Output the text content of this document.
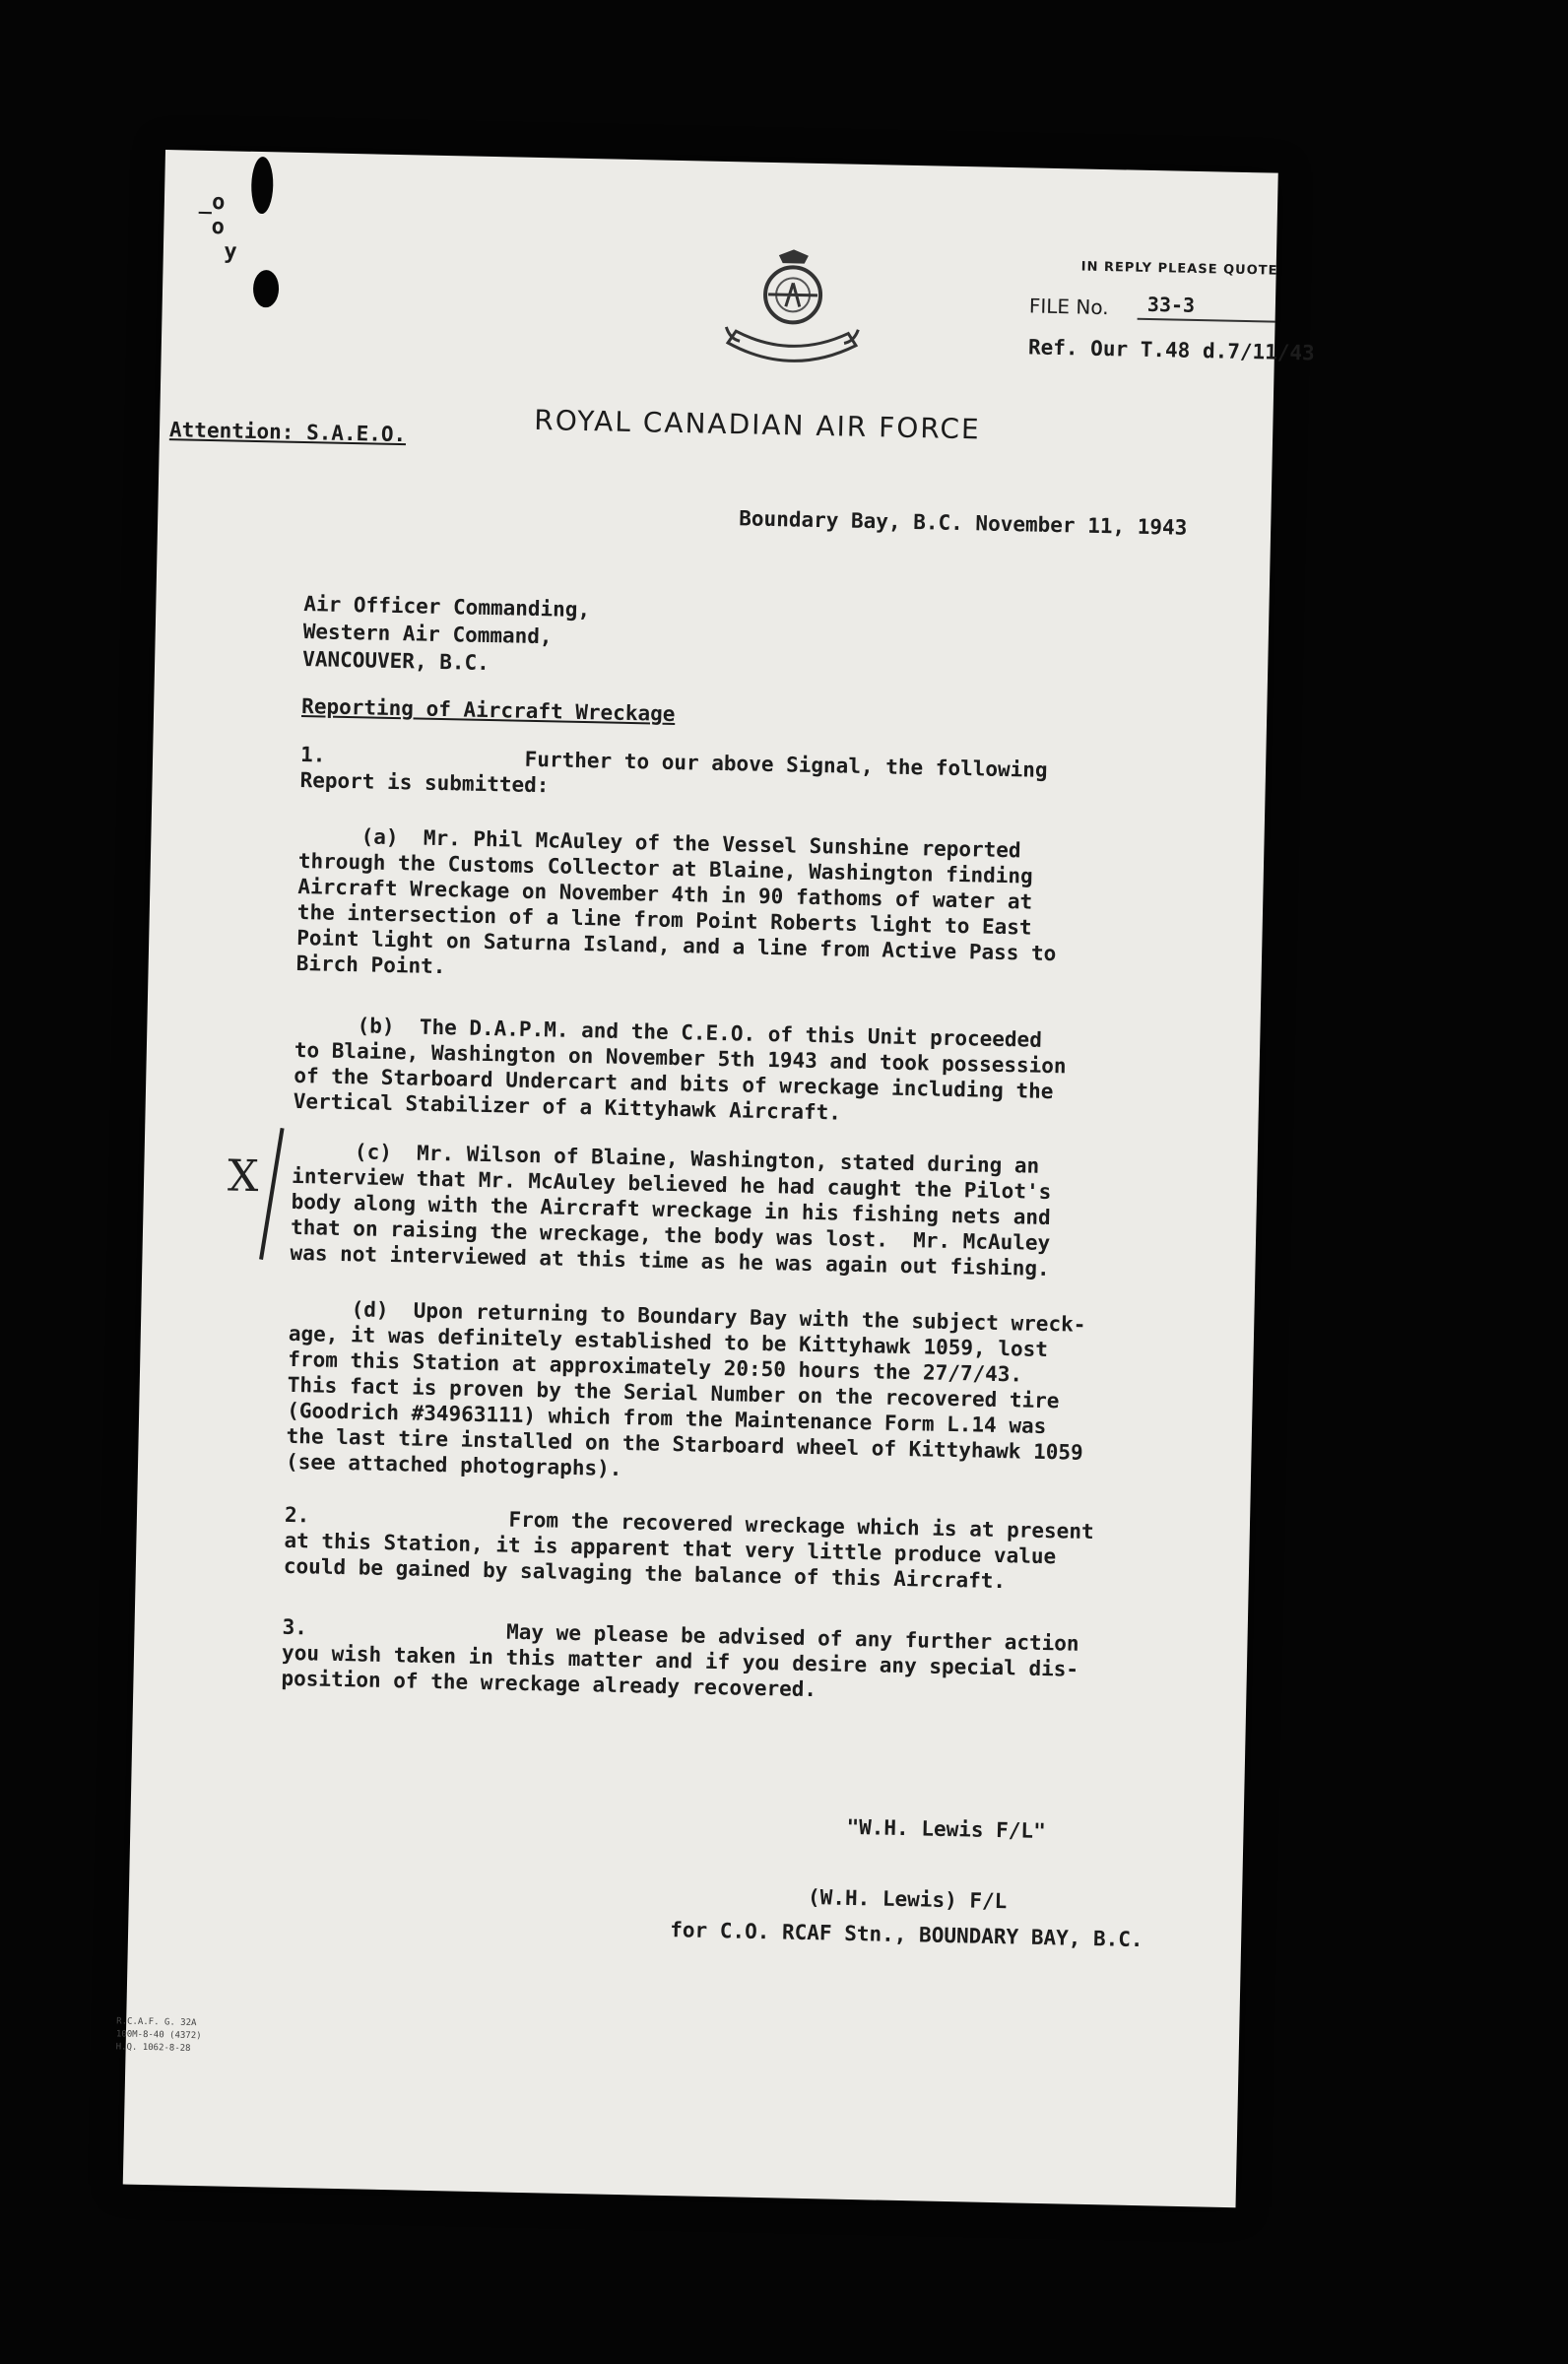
_o
o
y
IN REPLY PLEASE QUOTE
FILE No. 33-3
Ref. Our T.48 d.7/11/43
ROYAL CANADIAN AIR FORCE
Attention: S.A.E.O.
Boundary Bay, B.C. November 11, 1943
Air Officer Commanding,
Western Air Command,
VANCOUVER, B.C.
Reporting of Aircraft Wreckage
1.                Further to our above Signal, the following
Report is submitted:
(a)  Mr. Phil McAuley of the Vessel Sunshine reported
through the Customs Collector at Blaine, Washington finding
Aircraft Wreckage on November 4th in 90 fathoms of water at
the intersection of a line from Point Roberts light to East
Point light on Saturna Island, and a line from Active Pass to
Birch Point.
(b)  The D.A.P.M. and the C.E.O. of this Unit proceeded
to Blaine, Washington on November 5th 1943 and took possession
of the Starboard Undercart and bits of wreckage including the
Vertical Stabilizer of a Kittyhawk Aircraft.
X (c)  Mr. Wilson of Blaine, Washington, stated during an
interview that Mr. McAuley believed he had caught the Pilot's
body along with the Aircraft wreckage in his fishing nets and
that on raising the wreckage, the body was lost.  Mr. McAuley
was not interviewed at this time as he was again out fishing.
(d)  Upon returning to Boundary Bay with the subject wreck-
age, it was definitely established to be Kittyhawk 1059, lost
from this Station at approximately 20:50 hours the 27/7/43.
This fact is proven by the Serial Number on the recovered tire
(Goodrich #34963111) which from the Maintenance Form L.14 was
the last tire installed on the Starboard wheel of Kittyhawk 1059
(see attached photographs).
2.                From the recovered wreckage which is at present
at this Station, it is apparent that very little produce value
could be gained by salvaging the balance of this Aircraft.
3.                May we please be advised of any further action
you wish taken in this matter and if you desire any special dis-
position of the wreckage already recovered.
"W.H. Lewis F/L"

(W.H. Lewis) F/L
for C.O. RCAF Stn., BOUNDARY BAY, B.C.
R.C.A.F. G. 32A
100M-8-40 (4372)
H.Q. 1062-8-28
